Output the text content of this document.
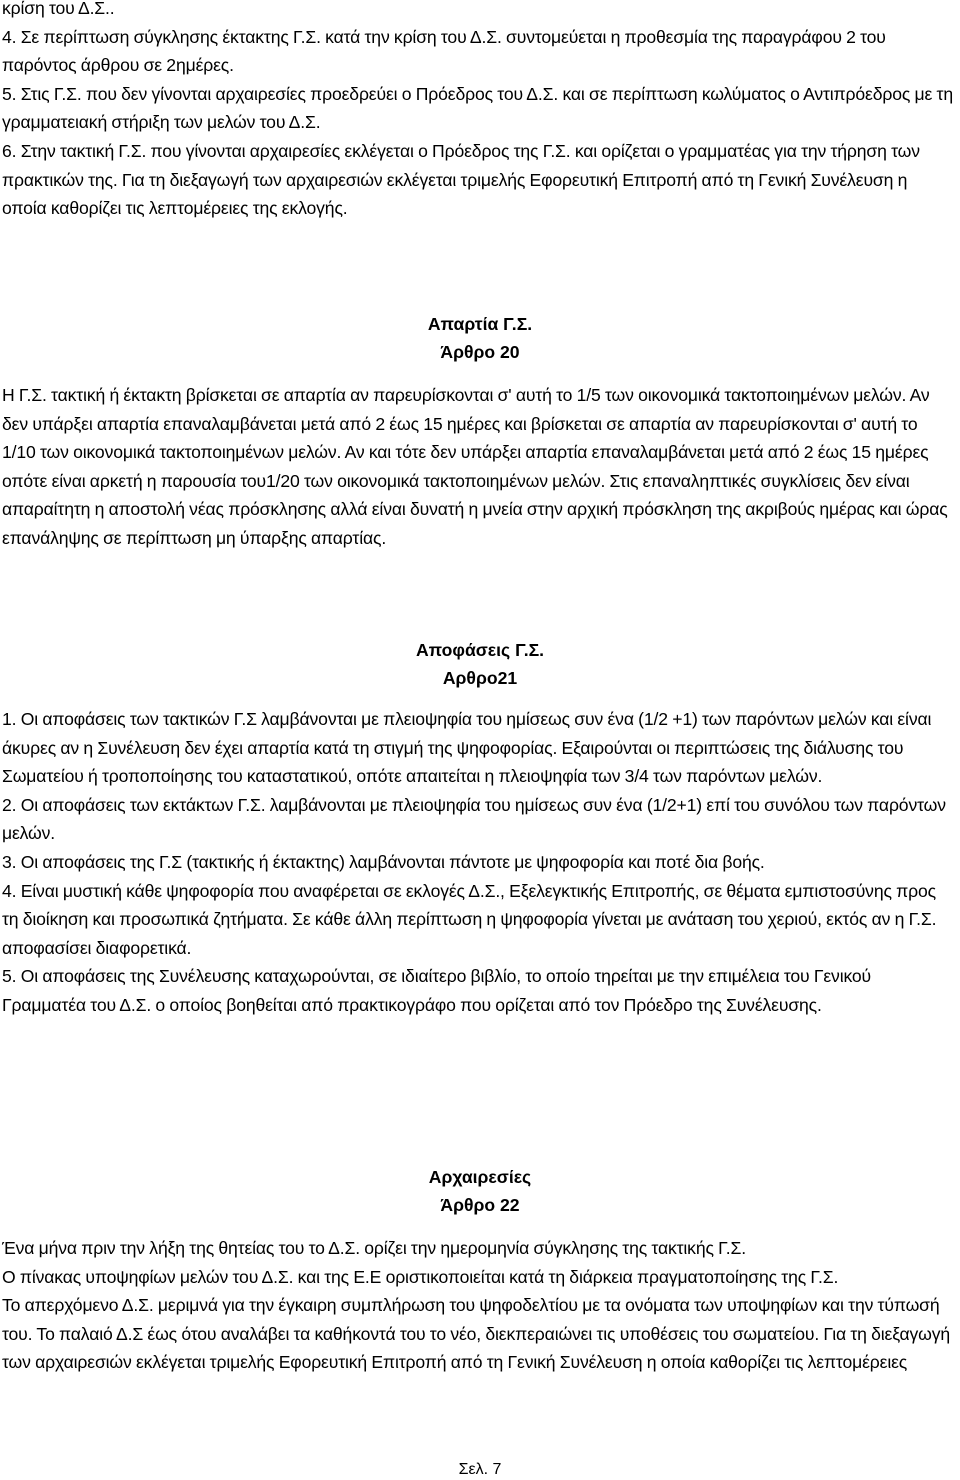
κρίση του Δ.Σ..

4. Σε περίπτωση σύγκλησης έκτακτης Γ.Σ. κατά την κρίση του Δ.Σ. συντομεύεται η προθεσμία της παραγράφου 2 του παρόντος άρθρου σε 2ημέρες.

5. Στις Γ.Σ. που δεν γίνονται αρχαιρεσίες προεδρεύει ο Πρόεδρος του Δ.Σ. και σε περίπτωση κωλύματος ο Αντιπρόεδρος με τη γραμματειακή στήριξη των μελών του Δ.Σ.

6. Στην τακτική Γ.Σ. που γίνονται αρχαιρεσίες εκλέγεται ο Πρόεδρος της Γ.Σ. και ορίζεται ο γραμματέας για την τήρηση των πρακτικών της. Για τη διεξαγωγή των αρχαιρεσιών εκλέγεται τριμελής Εφορευτική Επιτροπή από τη Γενική Συνέλευση η οποία καθορίζει τις λεπτομέρειες της εκλογής.

Απαρτία Γ.Σ.
Άρθρο 20

Η Γ.Σ. τακτική ή έκτακτη βρίσκεται σε απαρτία αν παρευρίσκονται σ' αυτή το 1/5 των οικονομικά τακτοποιημένων μελών. Αν δεν υπάρξει απαρτία επαναλαμβάνεται μετά από 2 έως 15 ημέρες και βρίσκεται σε απαρτία αν παρευρίσκονται σ' αυτή το 1/10 των οικονομικά τακτοποιημένων μελών. Αν και τότε δεν υπάρξει απαρτία επαναλαμβάνεται μετά από 2 έως 15 ημέρες οπότε είναι αρκετή η παρουσία του1/20 των οικονομικά τακτοποιημένων μελών. Στις επαναληπτικές συγκλίσεις δεν είναι απαραίτητη η αποστολή νέας πρόσκλησης αλλά είναι δυνατή η μνεία στην αρχική πρόσκληση της ακριβούς ημέρας και ώρας επανάληψης σε περίπτωση μη ύπαρξης απαρτίας.

Αποφάσεις Γ.Σ.
Αρθρο21

1. Οι αποφάσεις των τακτικών Γ.Σ λαμβάνονται με πλειοψηφία του ημίσεως συν ένα (1/2 +1) των παρόντων μελών και είναι άκυρες αν η Συνέλευση δεν έχει απαρτία κατά τη στιγμή της ψηφοφορίας. Εξαιρούνται οι περιπτώσεις της διάλυσης του Σωματείου ή τροποποίησης του καταστατικού, οπότε απαιτείται η πλειοψηφία των 3/4 των παρόντων μελών.

2. Οι αποφάσεις των εκτάκτων Γ.Σ. λαμβάνονται με πλειοψηφία του ημίσεως συν ένα (1/2+1) επί του συνόλου των παρόντων μελών.

3. Οι αποφάσεις της Γ.Σ (τακτικής ή έκτακτης) λαμβάνονται πάντοτε με ψηφοφορία και ποτέ δια βοής.

4. Είναι μυστική κάθε ψηφοφορία που αναφέρεται σε εκλογές Δ.Σ., Εξελεγκτικής Επιτροπής, σε θέματα εμπιστοσύνης προς τη διοίκηση και προσωπικά ζητήματα. Σε κάθε άλλη περίπτωση η ψηφοφορία γίνεται με ανάταση του χεριού, εκτός αν η Γ.Σ. αποφασίσει διαφορετικά.

5. Οι αποφάσεις της Συνέλευσης καταχωρούνται, σε ιδιαίτερο βιβλίο, το οποίο τηρείται με την επιμέλεια του Γενικού Γραμματέα του Δ.Σ. ο οποίος βοηθείται από πρακτικογράφο που ορίζεται από τον Πρόεδρο της Συνέλευσης.

Αρχαιρεσίες
Άρθρο 22

Ένα μήνα πριν την λήξη της θητείας του το Δ.Σ. ορίζει την ημερομηνία σύγκλησης της τακτικής Γ.Σ.

Ο πίνακας υποψηφίων μελών του Δ.Σ. και της Ε.Ε οριστικοποιείται κατά τη διάρκεια πραγματοποίησης της Γ.Σ.

Το απερχόμενο Δ.Σ. μεριμνά για την έγκαιρη συμπλήρωση του ψηφοδελτίου με τα ονόματα των υποψηφίων και την τύπωσή του. Το παλαιό Δ.Σ έως ότου αναλάβει τα καθήκοντά του το νέο, διεκπεραιώνει τις υποθέσεις του σωματείου. Για τη διεξαγωγή των αρχαιρεσιών εκλέγεται τριμελής Εφορευτική Επιτροπή από τη Γενική Συνέλευση η οποία καθορίζει τις λεπτομέρειες

Σελ. 7
